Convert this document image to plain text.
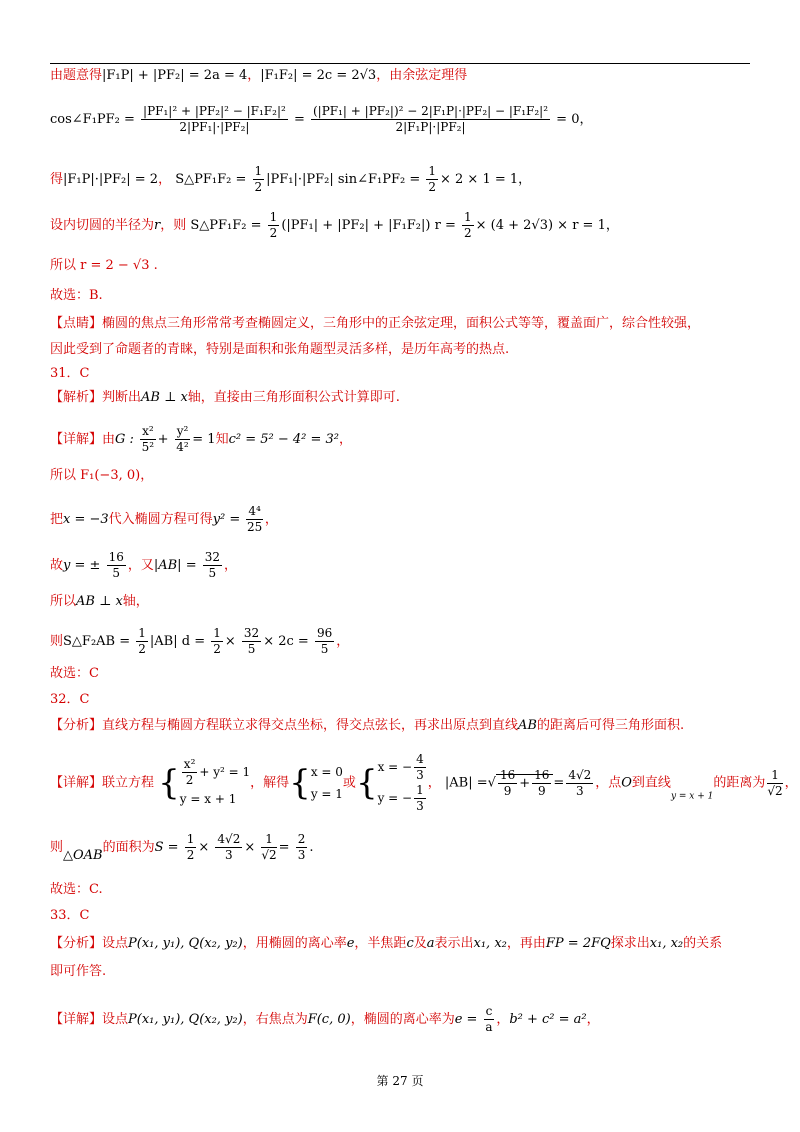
由题意得|F₁P| + |PF₂| = 2a = 4，|F₁F₂| = 2c = 2√3，由余弦定理得
cos∠F₁PF₂ = $\frac{\text{|PF₁|² + |PF₂|² − |F₁F₂|²}}{\text{2|PF₁|·|PF₂|}} = \frac{\text{(|PF₁| + |PF₂|)² − 2|F₁P|·|PF₂| − |F₁F₂|²}}{\text{2|F₁P|·|PF₂|}} = 0$，
得|F₁P|·|PF₂| = 2， S△PF₁F₂ = $\frac{1}{2} |PF_1|\cdot|PF_2|$ sin∠F₁PF₂ = $\frac{1}{2} \times 2 \times 1 = 1$，
设内切圆的半径为r，则 S△PF₁F₂ = $\frac{1}{2} (|PF_1| + |PF_2| + |F_1F_2|) r = \frac{1}{2} \times (4 + 2√3) \times r = 1$，
所以 r = 2 − √3 .
故选：B.
【点睛】椭圆的焦点三角形常常考查椭圆定义，三角形中的正余弦定理，面积公式等等，覆盖面广，综合性较强，
因此受到了命题者的青睐，特别是面积和张角题型灵活多样，是历年高考的热点.
31．C
【解析】判断出AB ⊥ x轴，直接由三角形面积公式计算即可.
【详解】由G : $\frac{\text{x²}}{\text{5²}} + \frac{\text{y²}}{\text{4²}} = 1$知c² = 5² − 4² = 3²，
所以 F₁(−3, 0)，
把x = −3代入椭圆方程可得$y^2 = \frac{\text{4⁴}}{25}$ ，
故y = ± $\frac{16}{5}$ ，又$|AB| = \frac{32}{5}$ ，
所以AB ⊥ x轴，
则S△F₂AB = $\frac{1}{2} |AB|$ $d = \frac{1}{2} \times \frac{32}{5} \times 2c = \frac{96}{5}$ ，
故选：C
32．C
【分析】直线方程与椭圆方程联立求得交点坐标，得交点弦长，再求出原点到直线AB的距离后可得三角形面积.
【详解】联立方程 { $\frac{\text{x²}}{2} + y^2 = 1$
y = x + 1
，解得{ x = 0
y = 1
或{ x = − $\frac{4}{3}$
y = − $\frac{1}{3}$ ， |AB| =√ $\frac{16}{9} + \frac{16}{9} = \frac{4√2}{3}$ ，点O到直线$_{y = x + 1}$的距离为 $\frac{1}{√2}$ ，
则△OAB的面积为$S = \frac{1}{2} \times \frac{4√2}{3} \times \frac{1}{√2} = \frac{2}{3}$ .
故选：C.
33．C
【分析】设点P(x₁, y₁), Q(x₂, y₂)，用椭圆的离心率e，半焦距c及a表示出x₁, x₂，再由FP = 2FQ探求出x₁, x₂的关系
即可作答.
【详解】设点P(x₁, y₁), Q(x₂, y₂)，右焦点为F(c, 0)，椭圆的离心率为$e = \frac{c}{a}$ ，b² + c² = a²，
第 27 页
